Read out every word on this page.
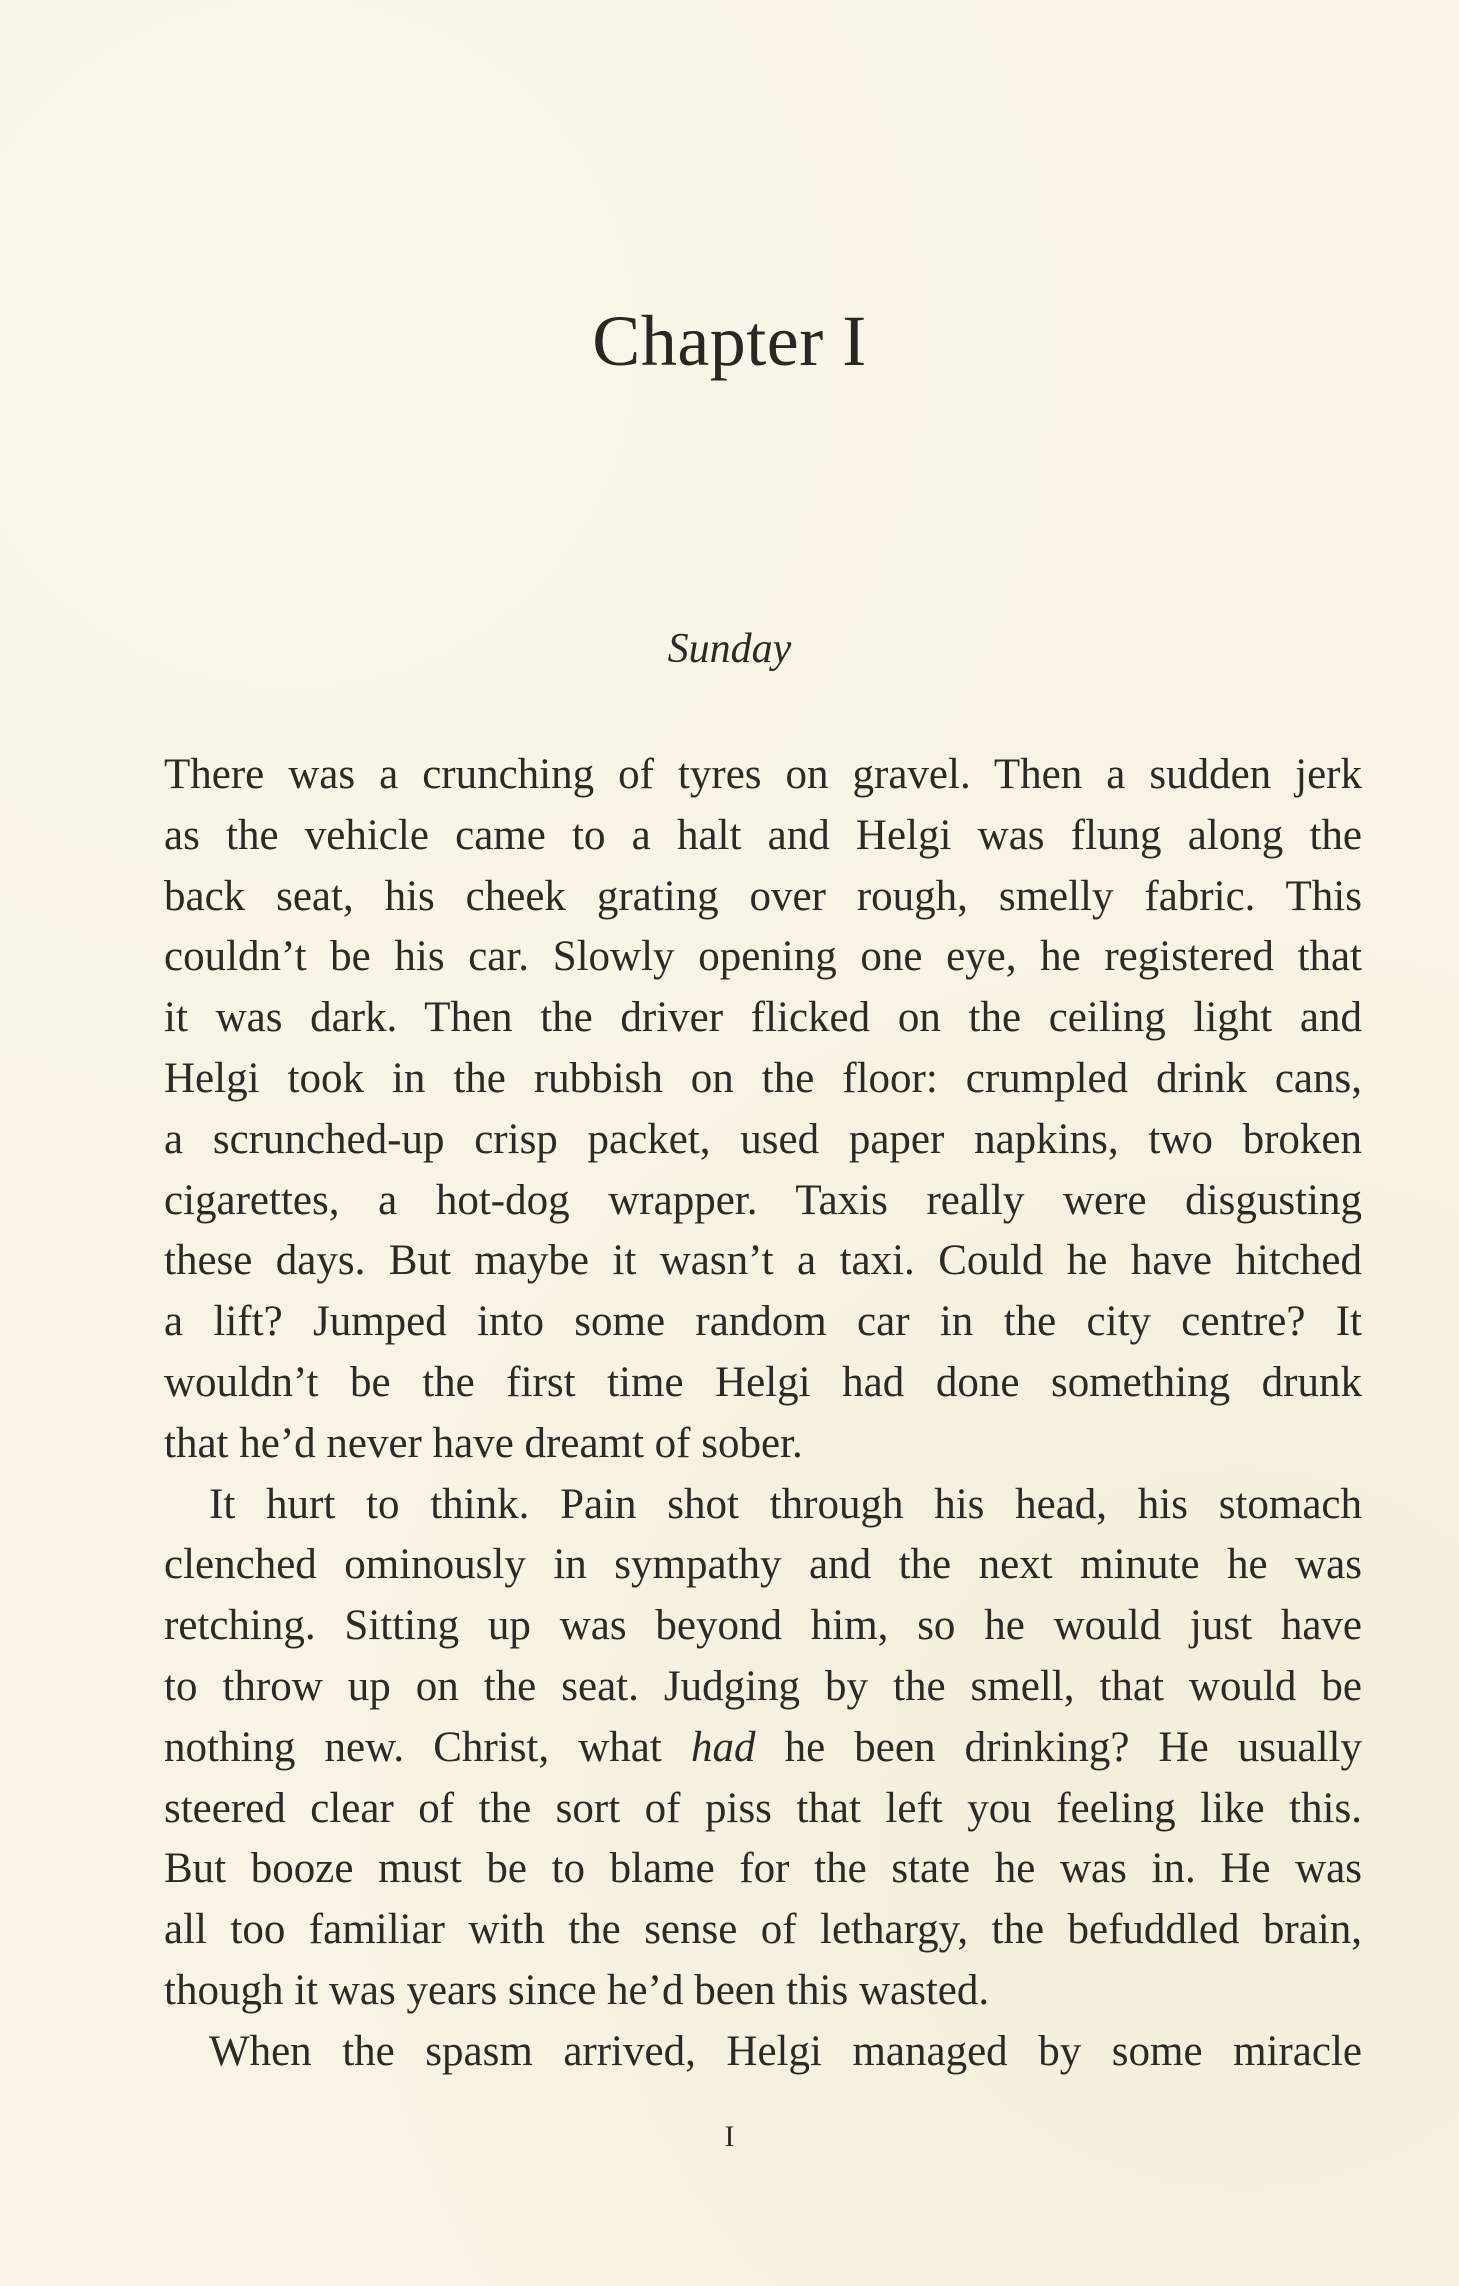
Chapter I
Sunday

There was a crunching of tyres on gravel. Then a sudden jerk
as the vehicle came to a halt and Helgi was flung along the
back seat, his cheek grating over rough, smelly fabric. This
couldn’t be his car. Slowly opening one eye, he registered that
it was dark. Then the driver flicked on the ceiling light and
Helgi took in the rubbish on the floor: crumpled drink cans,
a scrunched-up crisp packet, used paper napkins, two broken
cigarettes, a hot-dog wrapper. Taxis really were disgusting
these days. But maybe it wasn’t a taxi. Could he have hitched
a lift? Jumped into some random car in the city centre? It
wouldn’t be the first time Helgi had done something drunk
that he’d never have dreamt of sober.

It hurt to think. Pain shot through his head, his stomach
clenched ominously in sympathy and the next minute he was
retching. Sitting up was beyond him, so he would just have
to throw up on the seat. Judging by the smell, that would be
nothing new. Christ, what had he been drinking? He usually
steered clear of the sort of piss that left you feeling like this.
But booze must be to blame for the state he was in. He was
all too familiar with the sense of lethargy, the befuddled brain,
though it was years since he’d been this wasted.

When the spasm arrived, Helgi managed by some miracle

I
